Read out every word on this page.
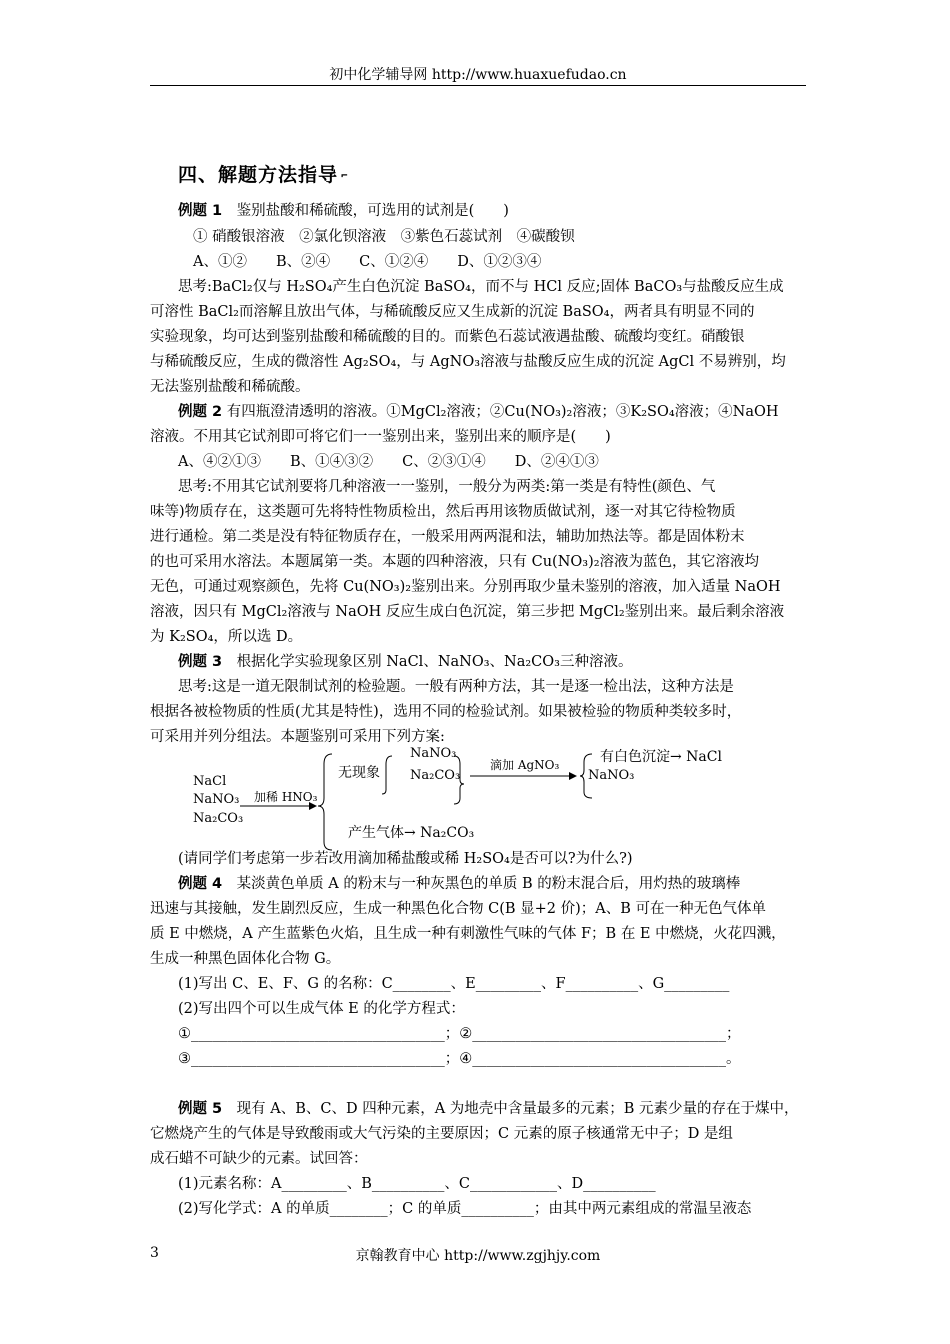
初中化学辅导网 http://www.huaxuefudao.cn
四、解题方法指导 ⌐
例题 1　 鉴别盐酸和稀硫酸，可选用的试剂是(　　)
① 硝酸银溶液　②氯化钡溶液　③紫色石蕊试剂　④碳酸钡
A、①②　　B、②④　　C、①②④　　D、①②③④
思考:BaCl₂仅与 H₂SO₄产生白色沉淀 BaSO₄，而不与 HCl 反应;固体 BaCO₃与盐酸反应生成
可溶性 BaCl₂而溶解且放出气体，与稀硫酸反应又生成新的沉淀 BaSO₄，两者具有明显不同的
实验现象，均可达到鉴别盐酸和稀硫酸的目的。而紫色石蕊试液遇盐酸、硫酸均变红。硝酸银
与稀硫酸反应，生成的微溶性 Ag₂SO₄，与 AgNO₃溶液与盐酸反应生成的沉淀 AgCl 不易辨别，均
无法鉴别盐酸和稀硫酸。
例题 2 有四瓶澄清透明的溶液。①MgCl₂溶液；②Cu(NO₃)₂溶液；③K₂SO₄溶液；④NaOH
溶液。不用其它试剂即可将它们一一鉴别出来，鉴别出来的顺序是(　　)
A、④②①③　　B、①④③②　　C、②③①④　　D、②④①③
思考:不用其它试剂要将几种溶液一一鉴别，一般分为两类:第一类是有特性(颜色、气
味等)物质存在，这类题可先将特性物质检出，然后再用该物质做试剂，逐一对其它待检物质
进行通检。第二类是没有特征物质存在，一般采用两两混和法，辅助加热法等。都是固体粉末
的也可采用水溶法。本题属第一类。本题的四种溶液，只有 Cu(NO₃)₂溶液为蓝色，其它溶液均
无色，可通过观察颜色，先将 Cu(NO₃)₂鉴别出来。分别再取少量未鉴别的溶液，加入适量 NaOH
溶液，因只有 MgCl₂溶液与 NaOH 反应生成白色沉淀，第三步把 MgCl₂鉴别出来。最后剩余溶液
为 K₂SO₄，所以选 D。
例题 3　 根据化学实验现象区别 NaCl、NaNO₃、Na₂CO₃三种溶液。
思考:这是一道无限制试剂的检验题。一般有两种方法，其一是逐一检出法，这种方法是
根据各被检物质的性质(尤其是特性)，选用不同的检验试剂。如果被检验的物质种类较多时，
可采用并列分组法。本题鉴别可采用下列方案:
NaCl
NaNO₃
Na₂CO₃
加稀 HNO₃
无现象
NaNO₃
Na₂CO₃
滴加 AgNO₃	有白色沉淀→ NaCl
NaNO₃
产生气体→ Na₂CO₃
(请同学们考虑第一步若改用滴加稀盐酸或稀 H₂SO₄是否可以?为什么?)
例题 4　 某淡黄色单质 A 的粉末与一种灰黑色的单质 B 的粉末混合后，用灼热的玻璃棒
迅速与其接触，发生剧烈反应，生成一种黑色化合物 C(B 显+2 价)；A、B 可在一种无色气体单
质 E 中燃烧，A 产生蓝紫色火焰，且生成一种有刺激性气味的气体 F；B 在 E 中燃烧，火花四溅，
生成一种黑色固体化合物 G。
(1)写出 C、E、F、G 的名称：C________、E_________、F__________、G_________
(2)写出四个可以生成气体 E 的化学方程式：
①___________________________________；②___________________________________；
③___________________________________；④___________________________________。
例题 5　 现有 A、B、C、D 四种元素，A 为地壳中含量最多的元素；B 元素少量的存在于煤中，
它燃烧产生的气体是导致酸雨或大气污染的主要原因；C 元素的原子核通常无中子；D 是组
成石蜡不可缺少的元素。试回答：
(1)元素名称：A_________、B__________、C____________、D__________
(2)写化学式：A 的单质________；C 的单质__________；由其中两元素组成的常温呈液态
3	京翰教育中心 http://www.zgjhjy.com
